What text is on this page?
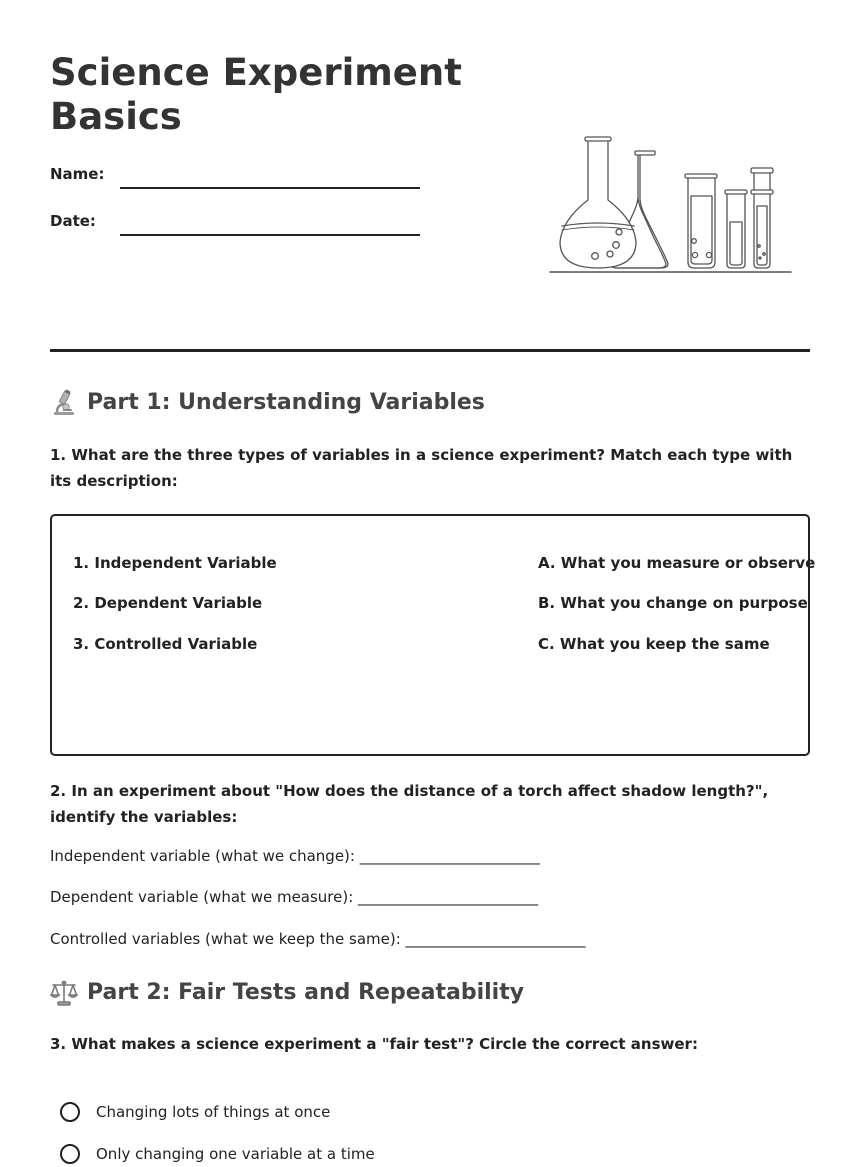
Science Experiment Basics
Name:
Date:
Part 1: Understanding Variables

1. What are the three types of variables in a science experiment? Match each type with its description:

1. Independent Variable
2. Dependent Variable
3. Controlled Variable
A. What you measure or observe
B. What you change on purpose
C. What you keep the same

2. In an experiment about "How does the distance of a torch affect shadow length?", identify the variables:

Independent variable (what we change): ________________________
Dependent variable (what we measure): ________________________
Controlled variables (what we keep the same): ________________________
Part 2: Fair Tests and Repeatability

3. What makes a science experiment a "fair test"? Circle the correct answer:

Changing lots of things at once
Only changing one variable at a time
